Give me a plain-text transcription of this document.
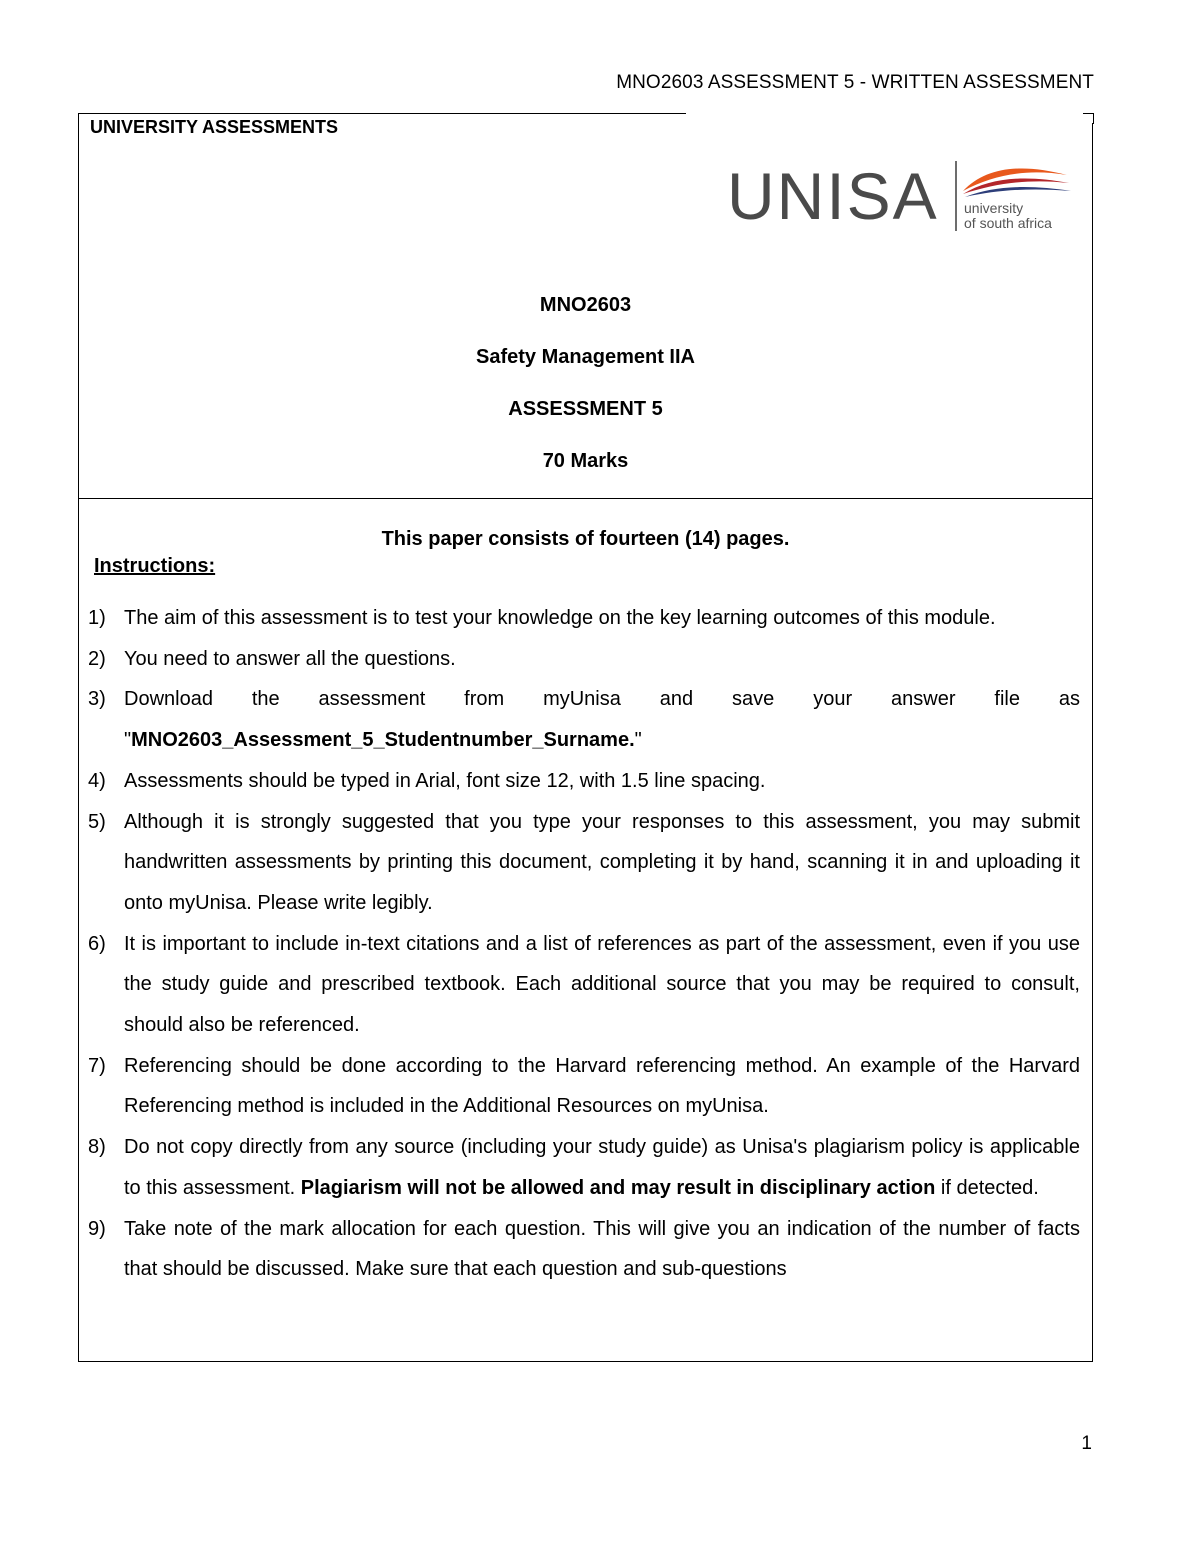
MNO2603 ASSESSMENT 5 - WRITTEN ASSESSMENT
UNIVERSITY ASSESSMENTS
UNISA university
of south africa
MNO2603
Safety Management IIA
ASSESSMENT 5
70 Marks
This paper consists of fourteen (14) pages.
Instructions:
1) The aim of this assessment is to test your knowledge on the key learning outcomes of this module.
2) You need to answer all the questions.
3) Download the assessment from myUnisa and save your answer file as "MNO2603_Assessment_5_Studentnumber_Surname."
4) Assessments should be typed in Arial, font size 12, with 1.5 line spacing.
5) Although it is strongly suggested that you type your responses to this assessment, you may submit handwritten assessments by printing this document, completing it by hand, scanning it in and uploading it onto myUnisa. Please write legibly.
6) It is important to include in-text citations and a list of references as part of the assessment, even if you use the study guide and prescribed textbook. Each additional source that you may be required to consult, should also be referenced.
7) Referencing should be done according to the Harvard referencing method. An example of the Harvard Referencing method is included in the Additional Resources on myUnisa.
8) Do not copy directly from any source (including your study guide) as Unisa's plagiarism policy is applicable to this assessment. Plagiarism will not be allowed and may result in disciplinary action if detected.
9) Take note of the mark allocation for each question. This will give you an indication of the number of facts that should be discussed. Make sure that each question and sub-questions
1
